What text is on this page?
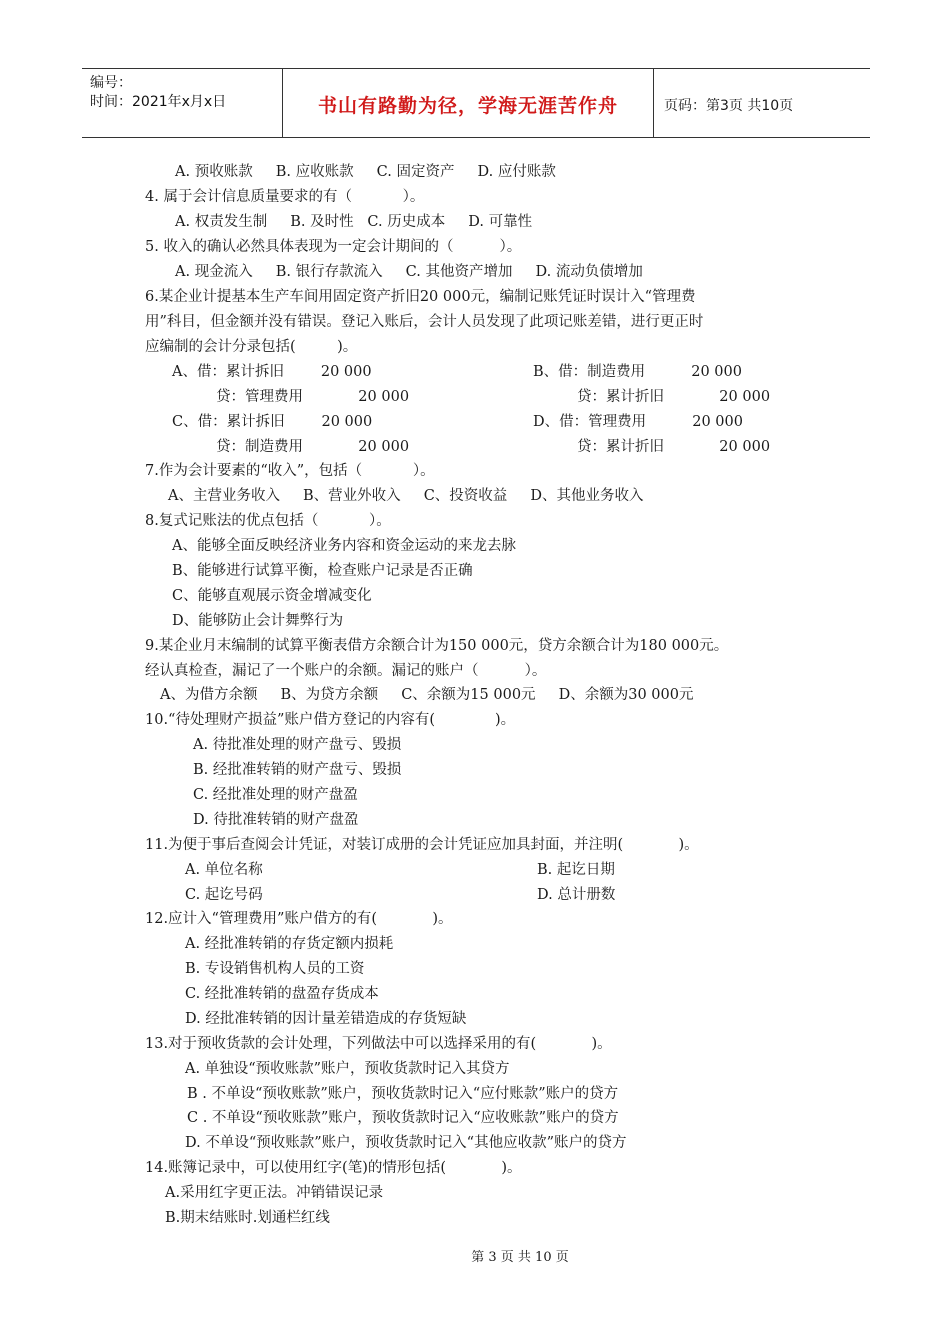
编号：
时间：2021年x月x日	书山有路勤为径，学海无涯苦作舟	页码：第3页 共10页
A. 预收账款     B. 应收账款     C. 固定资产     D. 应付账款
4. 属于会计信息质量要求的有（           ）。
A. 权责发生制     B. 及时性   C. 历史成本     D. 可靠性
5. 收入的确认必然具体表现为一定会计期间的（          ）。
A. 现金流入     B. 银行存款流入     C. 其他资产增加     D. 流动负债增加
6.某企业计提基本生产车间用固定资产折旧20 000元，编制记账凭证时误计入“管理费
用”科目，但金额并没有错误。登记入账后，会计人员发现了此项记账差错，进行更正时
应编制的会计分录包括(         )。
A、借：累计拆旧        20 000	B、借：制造费用          20 000
贷：管理费用            20 000	贷：累计折旧            20 000
C、借：累计拆旧        20 000	D、借：管理费用          20 000
贷：制造费用            20 000	贷：累计折旧            20 000
7.作为会计要素的“收入”，包括（           ）。
A、主营业务收入     B、营业外收入     C、投资收益     D、其他业务收入
8.复式记账法的优点包括（           ）。
A、能够全面反映经济业务内容和资金运动的来龙去脉
B、能够进行试算平衡，检查账户记录是否正确
C、能够直观展示资金增减变化
D、能够防止会计舞弊行为
9.某企业月末编制的试算平衡表借方余额合计为150 000元，贷方余额合计为180 000元。
经认真检查，漏记了一个账户的余额。漏记的账户（          ）。
A、为借方余额     B、为贷方余额     C、余额为15 000元     D、余额为30 000元
10.“待处理财产损益”账户借方登记的内容有(             )。
A. 待批准处理的财产盘亏、毁损
B. 经批准转销的财产盘亏、毁损
C. 经批准处理的财产盘盈
D. 待批准转销的财产盘盈
11.为便于事后查阅会计凭证，对装订成册的会计凭证应加具封面，并注明(            )。
A. 单位名称	B. 起讫日期
C. 起讫号码	D. 总计册数
12.应计入“管理费用”账户借方的有(            )。
A. 经批准转销的存货定额内损耗
B. 专设销售机构人员的工资
C. 经批准转销的盘盈存货成本
D. 经批准转销的因计量差错造成的存货短缺
13.对于预收货款的会计处理，下列做法中可以选择采用的有(            )。
A. 单独设“预收账款”账户，预收货款时记入其贷方
B . 不单设“预收账款”账户，预收货款时记入“应付账款”账户的贷方
C . 不单设“预收账款”账户，预收货款时记入“应收账款”账户的贷方
D. 不单设“预收账款”账户，预收货款时记入“其他应收款”账户的贷方
14.账簿记录中，可以使用红字(笔)的情形包括(            )。
A.采用红字更正法。冲销错误记录
B.期末结账时.划通栏红线
第 3 页 共 10 页
